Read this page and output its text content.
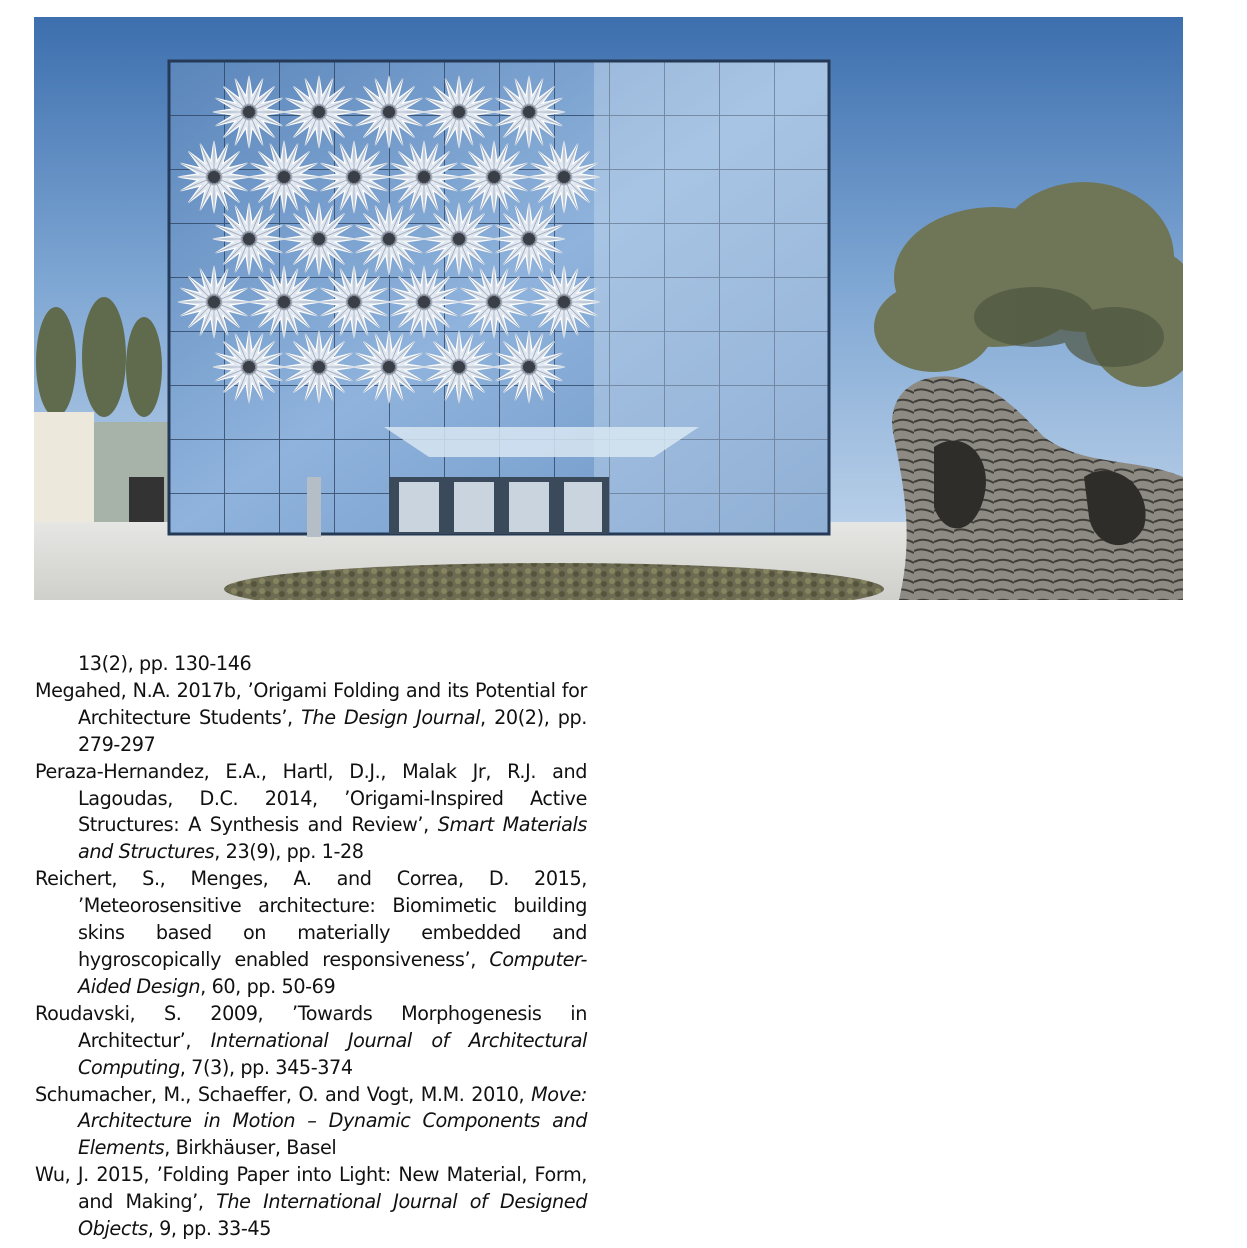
13(2), pp. 130-146

Megahed, N.A. 2017b, ’Origami Folding and its Potential for Architecture Students’, The Design Journal, 20(2), pp. 279-297

Peraza-Hernandez, E.A., Hartl, D.J., Malak Jr, R.J. and Lagoudas, D.C. 2014, ’Origami-Inspired Active Structures: A Synthesis and Review’, Smart Materials and Structures, 23(9), pp. 1-28

Reichert, S., Menges, A. and Correa, D. 2015, ’Meteorosensitive architecture: Biomimetic building skins based on materially embedded and hygroscopically enabled responsiveness’, Computer-Aided Design, 60, pp. 50-69

Roudavski, S. 2009, ’Towards Morphogenesis in Architectur’, International Journal of Architectural Computing, 7(3), pp. 345-374

Schumacher, M., Schaeffer, O. and Vogt, M.M. 2010, Move: Architecture in Motion – Dynamic Components and Elements, Birkhäuser, Basel

Wu, J. 2015, ’Folding Paper into Light: New Material, Form, and Making’, The International Journal of Designed Objects, 9, pp. 33-45
